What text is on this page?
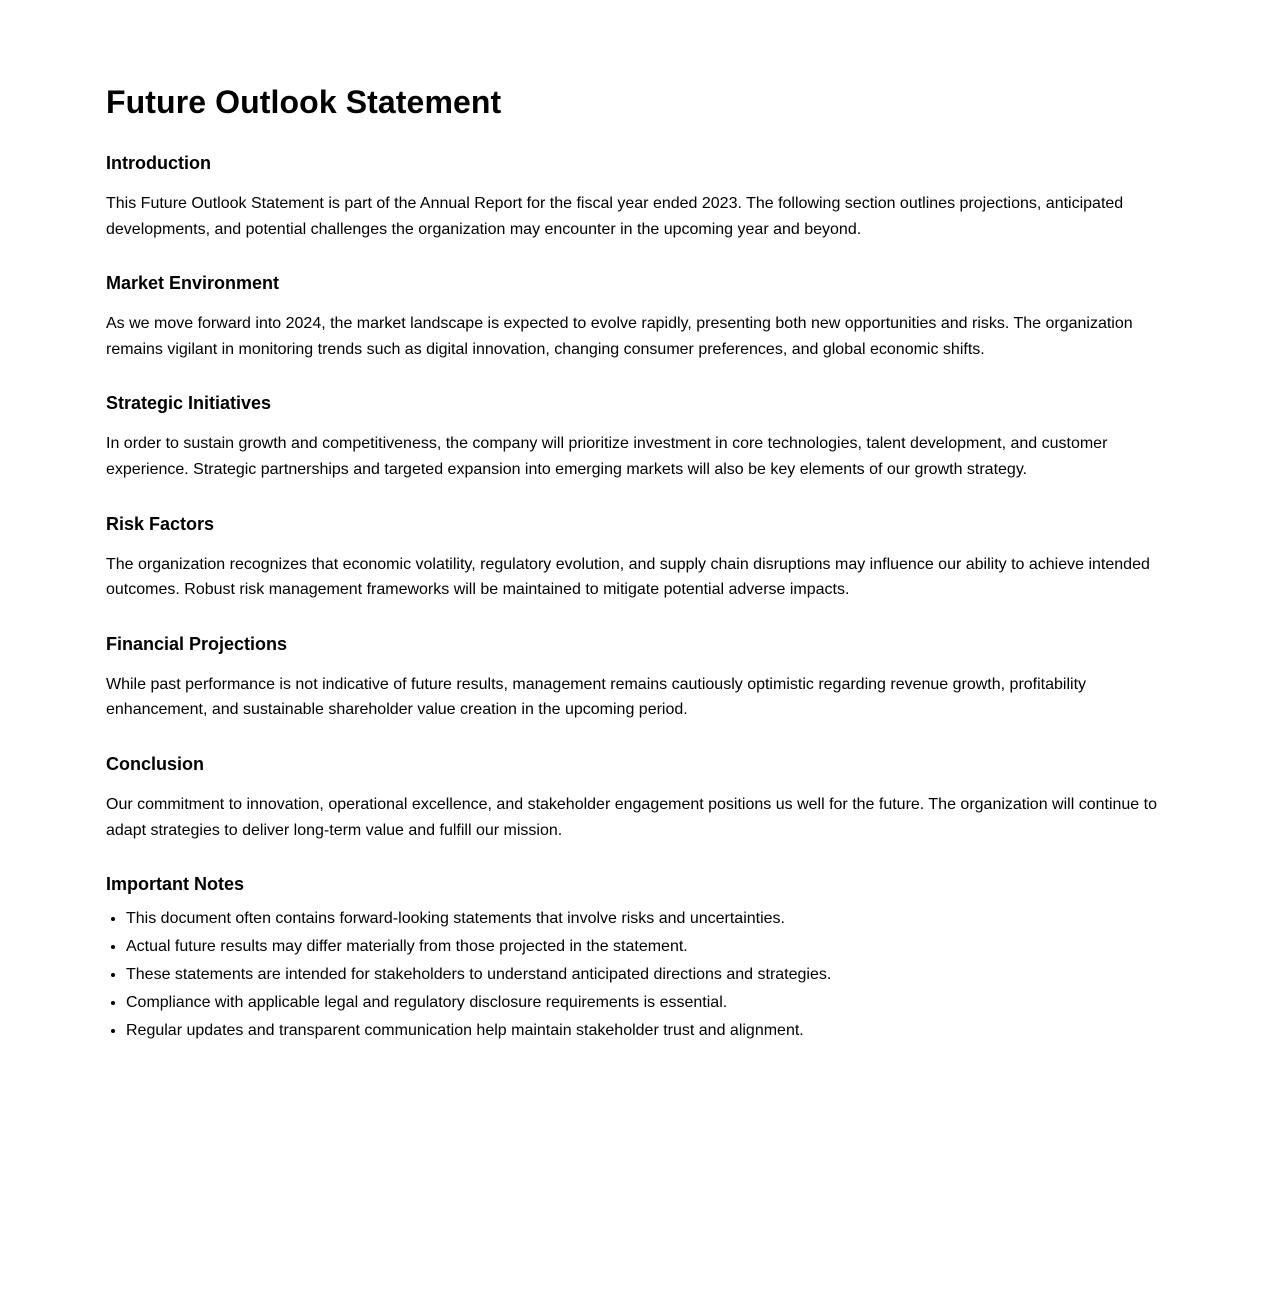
Future Outlook Statement
Introduction

This Future Outlook Statement is part of the Annual Report for the fiscal year ended 2023. The following section outlines projections, anticipated developments, and potential challenges the organization may encounter in the upcoming year and beyond.

Market Environment

As we move forward into 2024, the market landscape is expected to evolve rapidly, presenting both new opportunities and risks. The organization remains vigilant in monitoring trends such as digital innovation, changing consumer preferences, and global economic shifts.

Strategic Initiatives

In order to sustain growth and competitiveness, the company will prioritize investment in core technologies, talent development, and customer experience. Strategic partnerships and targeted expansion into emerging markets will also be key elements of our growth strategy.

Risk Factors

The organization recognizes that economic volatility, regulatory evolution, and supply chain disruptions may influence our ability to achieve intended outcomes. Robust risk management frameworks will be maintained to mitigate potential adverse impacts.

Financial Projections

While past performance is not indicative of future results, management remains cautiously optimistic regarding revenue growth, profitability enhancement, and sustainable shareholder value creation in the upcoming period.

Conclusion

Our commitment to innovation, operational excellence, and stakeholder engagement positions us well for the future. The organization will continue to adapt strategies to deliver long-term value and fulfill our mission.

Important Notes
• This document often contains forward-looking statements that involve risks and uncertainties.
• Actual future results may differ materially from those projected in the statement.
• These statements are intended for stakeholders to understand anticipated directions and strategies.
• Compliance with applicable legal and regulatory disclosure requirements is essential.
• Regular updates and transparent communication help maintain stakeholder trust and alignment.
